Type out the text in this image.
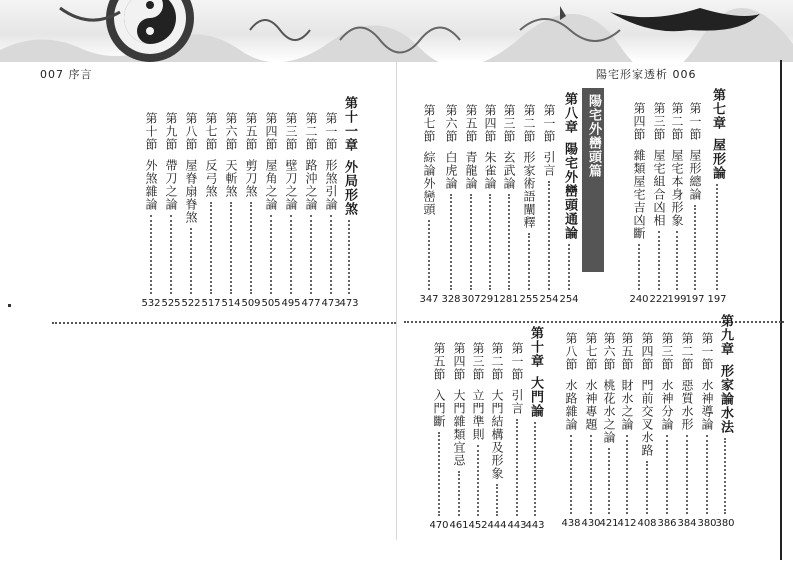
007 序言	陽宅形家透析 006
陽宅外巒頭篇	第七章
屋形論
197
第一節
屋形總論
197
第二節
屋宅本身形象
199
第三節
屋宅組合凶相
222
第四節
雜類屋宅吉凶斷
240
第八章
陽宅外巒頭通論
254
第一節
引言
254
第二節
形家術語闡釋
255
第三節
玄武論
281
第四節
朱雀論
291
第五節
青龍論
307
第六節
白虎論
328
第七節
綜論外巒頭
347
第九章
形家論水法
380
第一節
水神導論
380
第二節
惡質水形
384
第三節
水神分論
386
第四節
門前交叉水路
408
第五節
財水之論
412
第六節
桃花水之論
421
第七節
水神專題
430
第八節
水路雜論
438
第十章
大門論
443
第一節
引言
443
第二節
大門結構及形象
444
第三節
立門準則
452
第四節
大門雜類宜忌
461
第五節
入門斷
470
第十一章
外局形煞
473
第一節
形煞引論
473
第二節
路沖之論
477
第三節
壁刀之論
495
第四節
屋角之論
505
第五節
剪刀煞
509
第六節
天斬煞
514
第七節
反弓煞
517
第八節
屋脊扇脊煞
522
第九節
帶刀之論
525
第十節
外煞雜論
532
